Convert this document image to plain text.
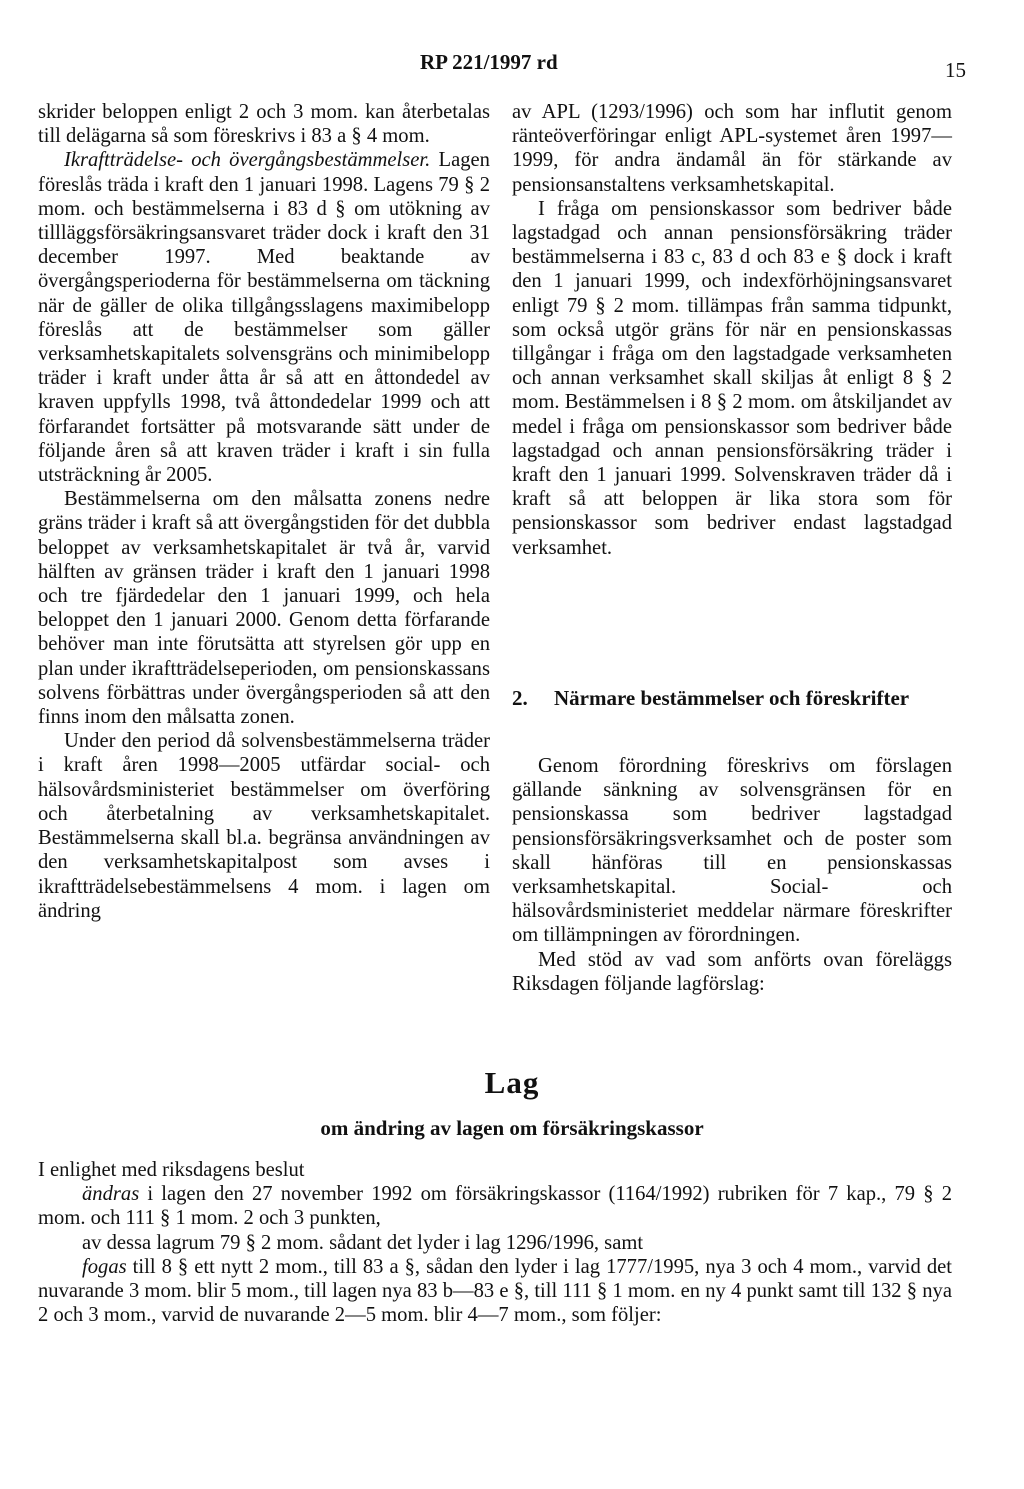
RP 221/1997 rd	15

skrider beloppen enligt 2 och 3 mom. kan återbetalas till delägarna så som föreskrivs i 83 a § 4 mom.

Ikraftträdelse- och övergångsbestämmelser. Lagen föreslås träda i kraft den 1 januari 1998. Lagens 79 § 2 mom. och bestämmelserna i 83 d § om utökning av tillläggsförsäkringsansvaret träder dock i kraft den 31 december 1997. Med beaktande av övergångsperioderna för bestämmelserna om täckning när de gäller de olika tillgångsslagens maximibelopp föreslås att de bestämmelser som gäller verksamhetskapitalets solvensgräns och minimibelopp träder i kraft under åtta år så att en åttondedel av kraven uppfylls 1998, två åttondedelar 1999 och att förfarandet fortsätter på motsvarande sätt under de följande åren så att kraven träder i kraft i sin fulla utsträckning år 2005.

Bestämmelserna om den målsatta zonens nedre gräns träder i kraft så att övergångstiden för det dubbla beloppet av verksamhetskapitalet är två år, varvid hälften av gränsen träder i kraft den 1 januari 1998 och tre fjärdedelar den 1 januari 1999, och hela beloppet den 1 januari 2000. Genom detta förfarande behöver man inte förutsätta att styrelsen gör upp en plan under ikraftträdelseperioden, om pensionskassans solvens förbättras under övergångsperioden så att den finns inom den målsatta zonen.

Under den period då solvensbestämmelserna träder i kraft åren 1998—2005 utfärdar social- och hälsovårdsministeriet bestämmelser om överföring och återbetalning av verksamhetskapitalet. Bestämmelserna skall bl.a. begränsa användningen av den verksamhetskapitalpost som avses i ikraftträdelsebestämmelsens 4 mom. i lagen om ändring

av APL (1293/1996) och som har influtit genom ränteöverföringar enligt APL-systemet åren 1997—1999, för andra ändamål än för stärkande av pensionsanstaltens verksamhetskapital.

I fråga om pensionskassor som bedriver både lagstadgad och annan pensionsförsäkring träder bestämmelserna i 83 c, 83 d och 83 e § dock i kraft den 1 januari 1999, och indexförhöjningsansvaret enligt 79 § 2 mom. tillämpas från samma tidpunkt, som också utgör gräns för när en pensionskassas tillgångar i fråga om den lagstadgade verksamheten och annan verksamhet skall skiljas åt enligt 8 § 2 mom. Bestämmelsen i 8 § 2 mom. om åtskiljandet av medel i fråga om pensionskassor som bedriver både lagstadgad och annan pensionsförsäkring träder i kraft den 1 januari 1999. Solvenskraven träder då i kraft så att beloppen är lika stora som för pensionskassor som bedriver endast lagstadgad verksamhet.

2. Närmare bestämmelser och föreskrifter

Genom förordning föreskrivs om förslagen gällande sänkning av solvensgränsen för en pensionskassa som bedriver lagstadgad pensionsförsäkringsverksamhet och de poster som skall hänföras till en pensionskassas verksamhetskapital. Social- och hälsovårdsministeriet meddelar närmare föreskrifter om tillämpningen av förordningen.

Med stöd av vad som anförts ovan föreläggs Riksdagen följande lagförslag:

Lag
om ändring av lagen om försäkringskassor

I enlighet med riksdagens beslut

ändras i lagen den 27 november 1992 om försäkringskassor (1164/1992) rubriken för 7 kap., 79 § 2 mom. och 111 § 1 mom. 2 och 3 punkten,

av dessa lagrum 79 § 2 mom. sådant det lyder i lag 1296/1996, samt

fogas till 8 § ett nytt 2 mom., till 83 a §, sådan den lyder i lag 1777/1995, nya 3 och 4 mom., varvid det nuvarande 3 mom. blir 5 mom., till lagen nya 83 b—83 e §, till 111 § 1 mom. en ny 4 punkt samt till 132 § nya 2 och 3 mom., varvid de nuvarande 2—5 mom. blir 4—7 mom., som följer:
